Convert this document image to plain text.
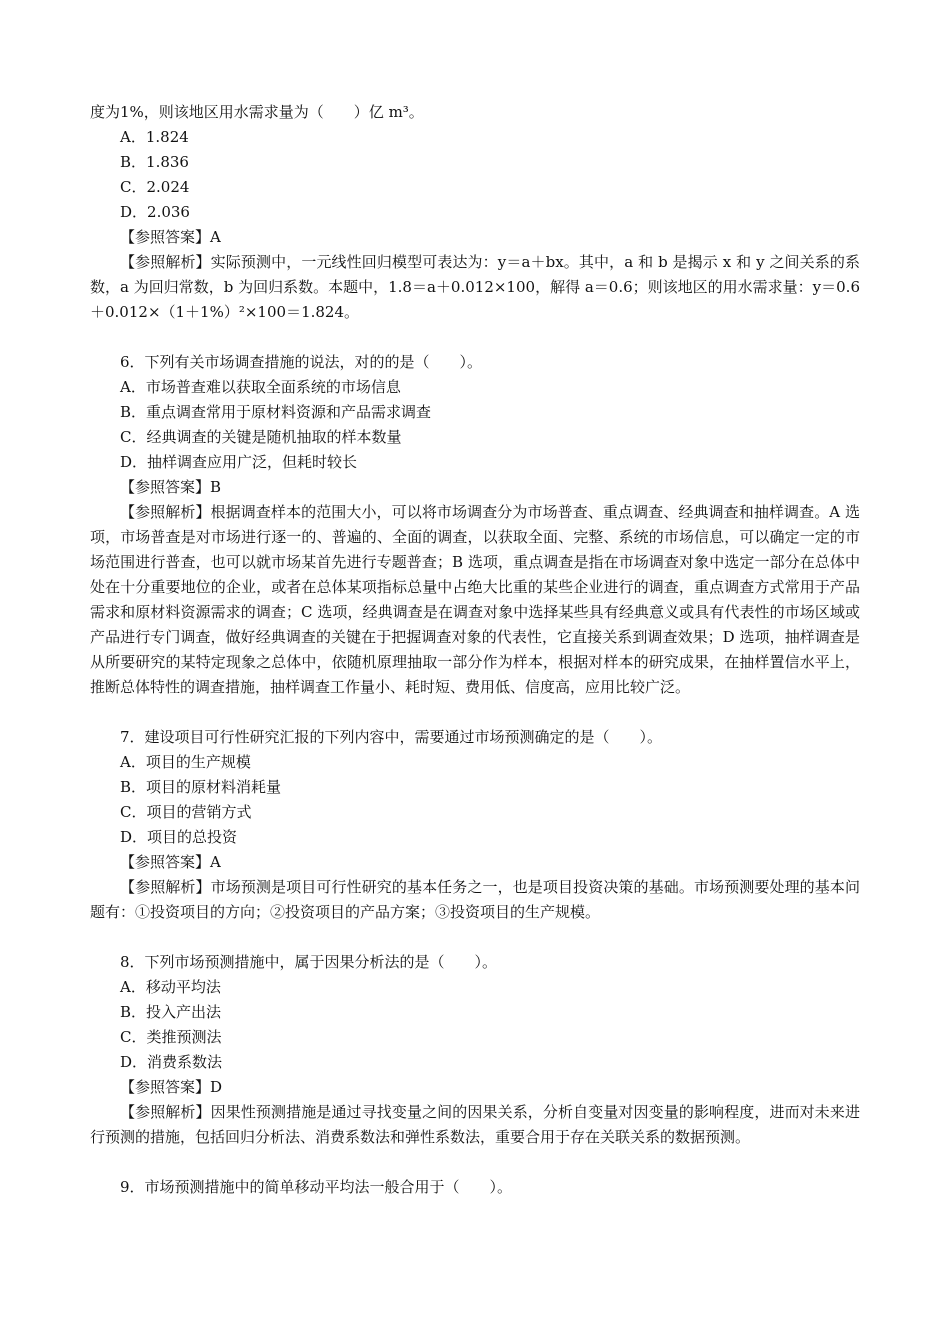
度为1%，则该地区用水需求量为（　　）亿 m³。
A．1.824
B．1.836
C．2.024
D．2.036
【参照答案】A
【参照解析】实际预测中，一元线性回归模型可表达为：y＝a＋bx。其中，a 和 b 是揭示 x 和 y 之间关系的系数，a 为回归常数，b 为回归系数。本题中，1.8＝a＋0.012×100，解得 a＝0.6；则该地区的用水需求量：y＝0.6＋0.012×（1＋1%）²×100＝1.824。
6．下列有关市场调查措施的说法，对的的是（　　）。
A．市场普查难以获取全面系统的市场信息
B．重点调查常用于原材料资源和产品需求调查
C．经典调查的关键是随机抽取的样本数量
D．抽样调查应用广泛，但耗时较长
【参照答案】B
【参照解析】根据调查样本的范围大小，可以将市场调查分为市场普查、重点调查、经典调查和抽样调查。A 选项，市场普查是对市场进行逐一的、普遍的、全面的调查，以获取全面、完整、系统的市场信息，可以确定一定的市场范围进行普查，也可以就市场某首先进行专题普查；B 选项，重点调查是指在市场调查对象中选定一部分在总体中处在十分重要地位的企业，或者在总体某项指标总量中占绝大比重的某些企业进行的调查，重点调查方式常用于产品需求和原材料资源需求的调查；C 选项，经典调查是在调查对象中选择某些具有经典意义或具有代表性的市场区域或产品进行专门调查，做好经典调查的关键在于把握调查对象的代表性，它直接关系到调查效果；D 选项，抽样调查是从所要研究的某特定现象之总体中，依随机原理抽取一部分作为样本，根据对样本的研究成果，在抽样置信水平上，推断总体特性的调查措施，抽样调查工作量小、耗时短、费用低、信度高，应用比较广泛。
7．建设项目可行性研究汇报的下列内容中，需要通过市场预测确定的是（　　）。
A．项目的生产规模
B．项目的原材料消耗量
C．项目的营销方式
D．项目的总投资
【参照答案】A
【参照解析】市场预测是项目可行性研究的基本任务之一，也是项目投资决策的基础。市场预测要处理的基本问题有：①投资项目的方向；②投资项目的产品方案；③投资项目的生产规模。
8．下列市场预测措施中，属于因果分析法的是（　　）。
A．移动平均法
B．投入产出法
C．类推预测法
D．消费系数法
【参照答案】D
【参照解析】因果性预测措施是通过寻找变量之间的因果关系，分析自变量对因变量的影响程度，进而对未来进行预测的措施，包括回归分析法、消费系数法和弹性系数法，重要合用于存在关联关系的数据预测。
9．市场预测措施中的简单移动平均法一般合用于（　　）。
